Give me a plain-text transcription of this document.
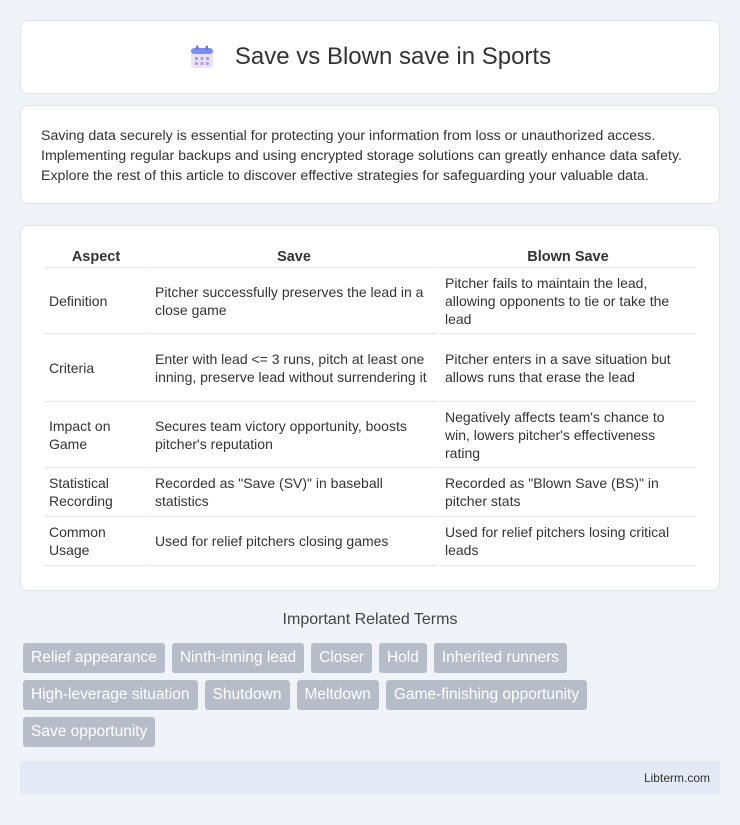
Save vs Blown save in Sports

Saving data securely is essential for protecting your information from loss or unauthorized access. Implementing regular backups and using encrypted storage solutions can greatly enhance data safety. Explore the rest of this article to discover effective strategies for safeguarding your valuable data.

Aspect	Save	Blown Save
Definition	Pitcher successfully preserves the lead in a close game	Pitcher fails to maintain the lead, allowing opponents to tie or take the lead
Criteria	Enter with lead <= 3 runs, pitch at least one inning, preserve lead without surrendering it	Pitcher enters in a save situation but allows runs that erase the lead
Impact on Game	Secures team victory opportunity, boosts pitcher's reputation	Negatively affects team's chance to win, lowers pitcher's effectiveness rating
Statistical Recording	Recorded as "Save (SV)" in baseball statistics	Recorded as "Blown Save (BS)" in pitcher stats
Common Usage	Used for relief pitchers closing games	Used for relief pitchers losing critical leads
Important Related Terms
Relief appearance	Ninth-inning lead	Closer	Hold	Inherited runners
High-leverage situation	Shutdown	Meltdown	Game-finishing opportunity
Save opportunity
Libterm.com
